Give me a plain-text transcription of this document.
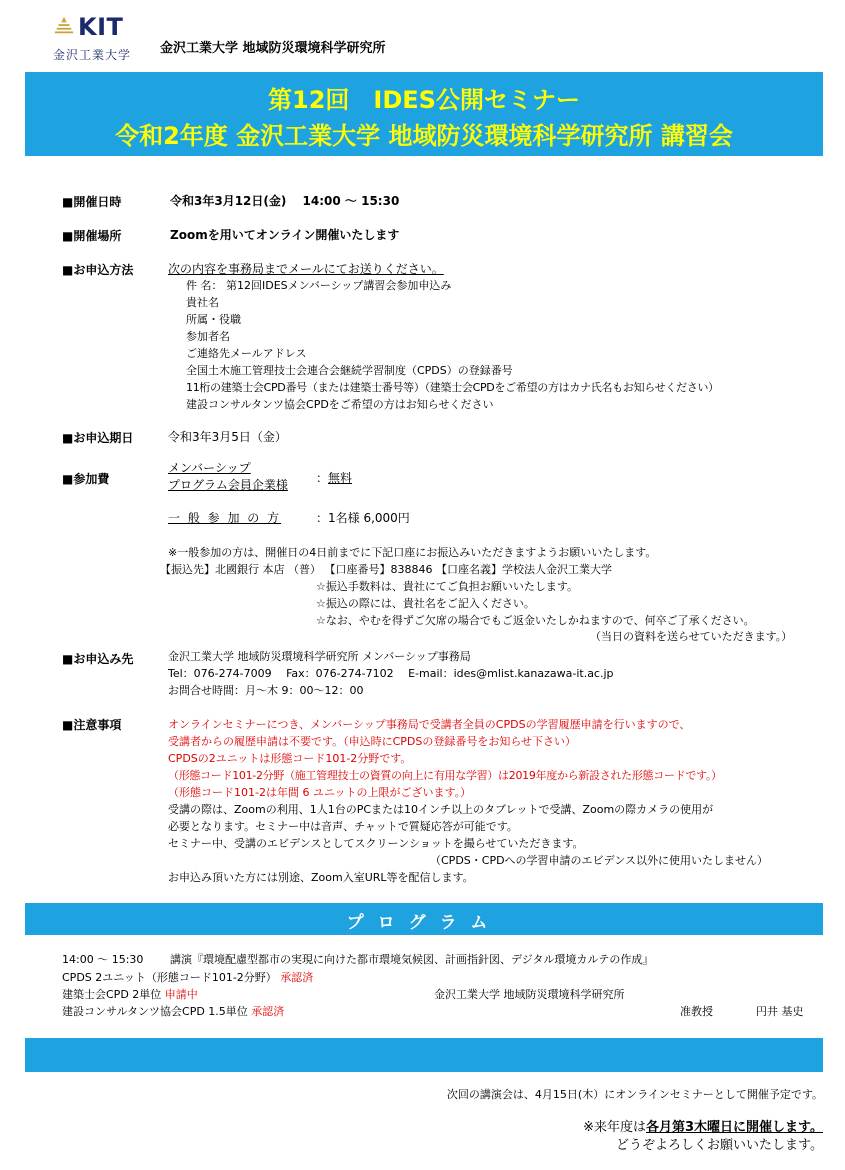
KIT
金沢工業大学 金沢工業大学 地域防災環境科学研究所
第12回　IDES公開セミナー
令和2年度 金沢工業大学 地域防災環境科学研究所 講習会
■開催日時	令和3年3月12日(金)　 14:00 ～ 15:30
■開催場所	Zoomを用いてオンライン開催いたします
■お申込方法	次の内容を事務局までメールにてお送りください。
件 名： 第12回IDESメンバーシップ講習会参加申込み
貴社名
所属・役職
参加者名
ご連絡先メールアドレス
全国土木施工管理技士会連合会継続学習制度（CPDS）の登録番号
11桁の建築士会CPD番号（または建築士番号等）（建築士会CPDをご希望の方はカナ氏名もお知らせください）
建設コンサルタンツ協会CPDをご希望の方はお知らせください
■お申込期日	令和3年3月5日（金）
■参加費
メンバーシップ
プログラム会員企業様 ：無料
一 般 参 加 の 方	：1名様 6,000円
※一般参加の方は、開催日の4日前までに下記口座にお振込みいただきますようお願いいたします。
【振込先】北國銀行 本店 （普） 【口座番号】838846 【口座名義】学校法人金沢工業大学
☆振込手数料は、貴社にてご負担お願いいたします。
☆振込の際には、貴社名をご記入ください。
☆なお、やむを得ずご欠席の場合でもご返金いたしかねますので、何卒ご了承ください。
（当日の資料を送らせていただきます。）
■お申込み先	金沢工業大学 地域防災環境科学研究所 メンバーシップ事務局
Tel：076-274-7009　 Fax：076-274-7102　 E-mail：ides@mlist.kanazawa-it.ac.jp
お問合せ時間：月～木 9：00～12：00
■注意事項	オンラインセミナーにつき、メンバーシップ事務局で受講者全員のCPDSの学習履歴申請を行いますので、
受講者からの履歴申請は不要です。（申込時にCPDSの登録番号をお知らせ下さい）
CPDSの2ユニットは形態コード101-2分野です。
（形態コード101-2分野（施工管理技士の資質の向上に有用な学習）は2019年度から新設された形態コードです。）
（形態コード101-2は年間 6 ユニットの上限がございます。）
受講の際は、Zoomの利用、1人1台のPCまたは10インチ以上のタブレットで受講、Zoomの際カメラの使用が
必要となります。セミナー中は音声、チャットで質疑応答が可能です。
セミナー中、受講のエビデンスとしてスクリーンショットを撮らせていただきます。
（CPDS・CPDへの学習申請のエビデンス以外に使用いたしません）
お申込み頂いた方には別途、Zoom入室URL等を配信します。
プログラム
14:00 ～ 15:30 講演『環境配慮型都市の実現に向けた都市環境気候図、計画指針図、デジタル環境カルテの作成』
CPDS 2ユニット（形態コード101-2分野） 承認済
建築士会CPD 2単位 申請中
建設コンサルタンツ協会CPD 1.5単位 承認済
金沢工業大学 地域防災環境科学研究所
准教授	円井 基史
次回の講演会は、4月15日(木）にオンラインセミナーとして開催予定です。
※来年度は各月第3木曜日に開催します。
どうぞよろしくお願いいたします。
